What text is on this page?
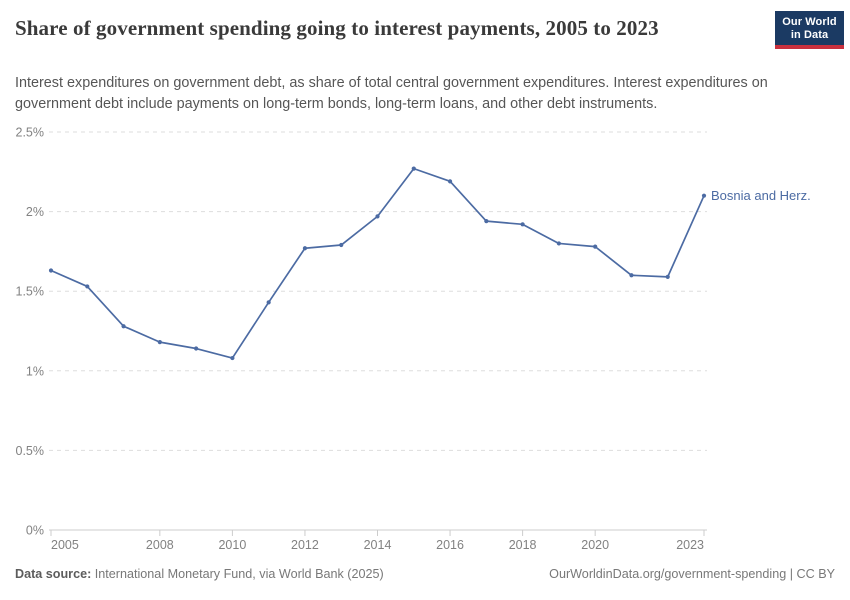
Share of government spending going to interest payments, 2005 to 2023

Interest expenditures on government debt, as share of total central government expenditures. Interest expenditures on government debt include payments on long-term bonds, long-term loans, and other debt instruments.

Our World
in Data
0%
0.5%
1%
1.5%
2%
2.5%
2005	2008	2010	2012	2014	2016	2018	2020	2023
Bosnia and Herz.
Data source: International Monetary Fund, via World Bank (2025)	OurWorldinData.org/government-spending | CC BY
